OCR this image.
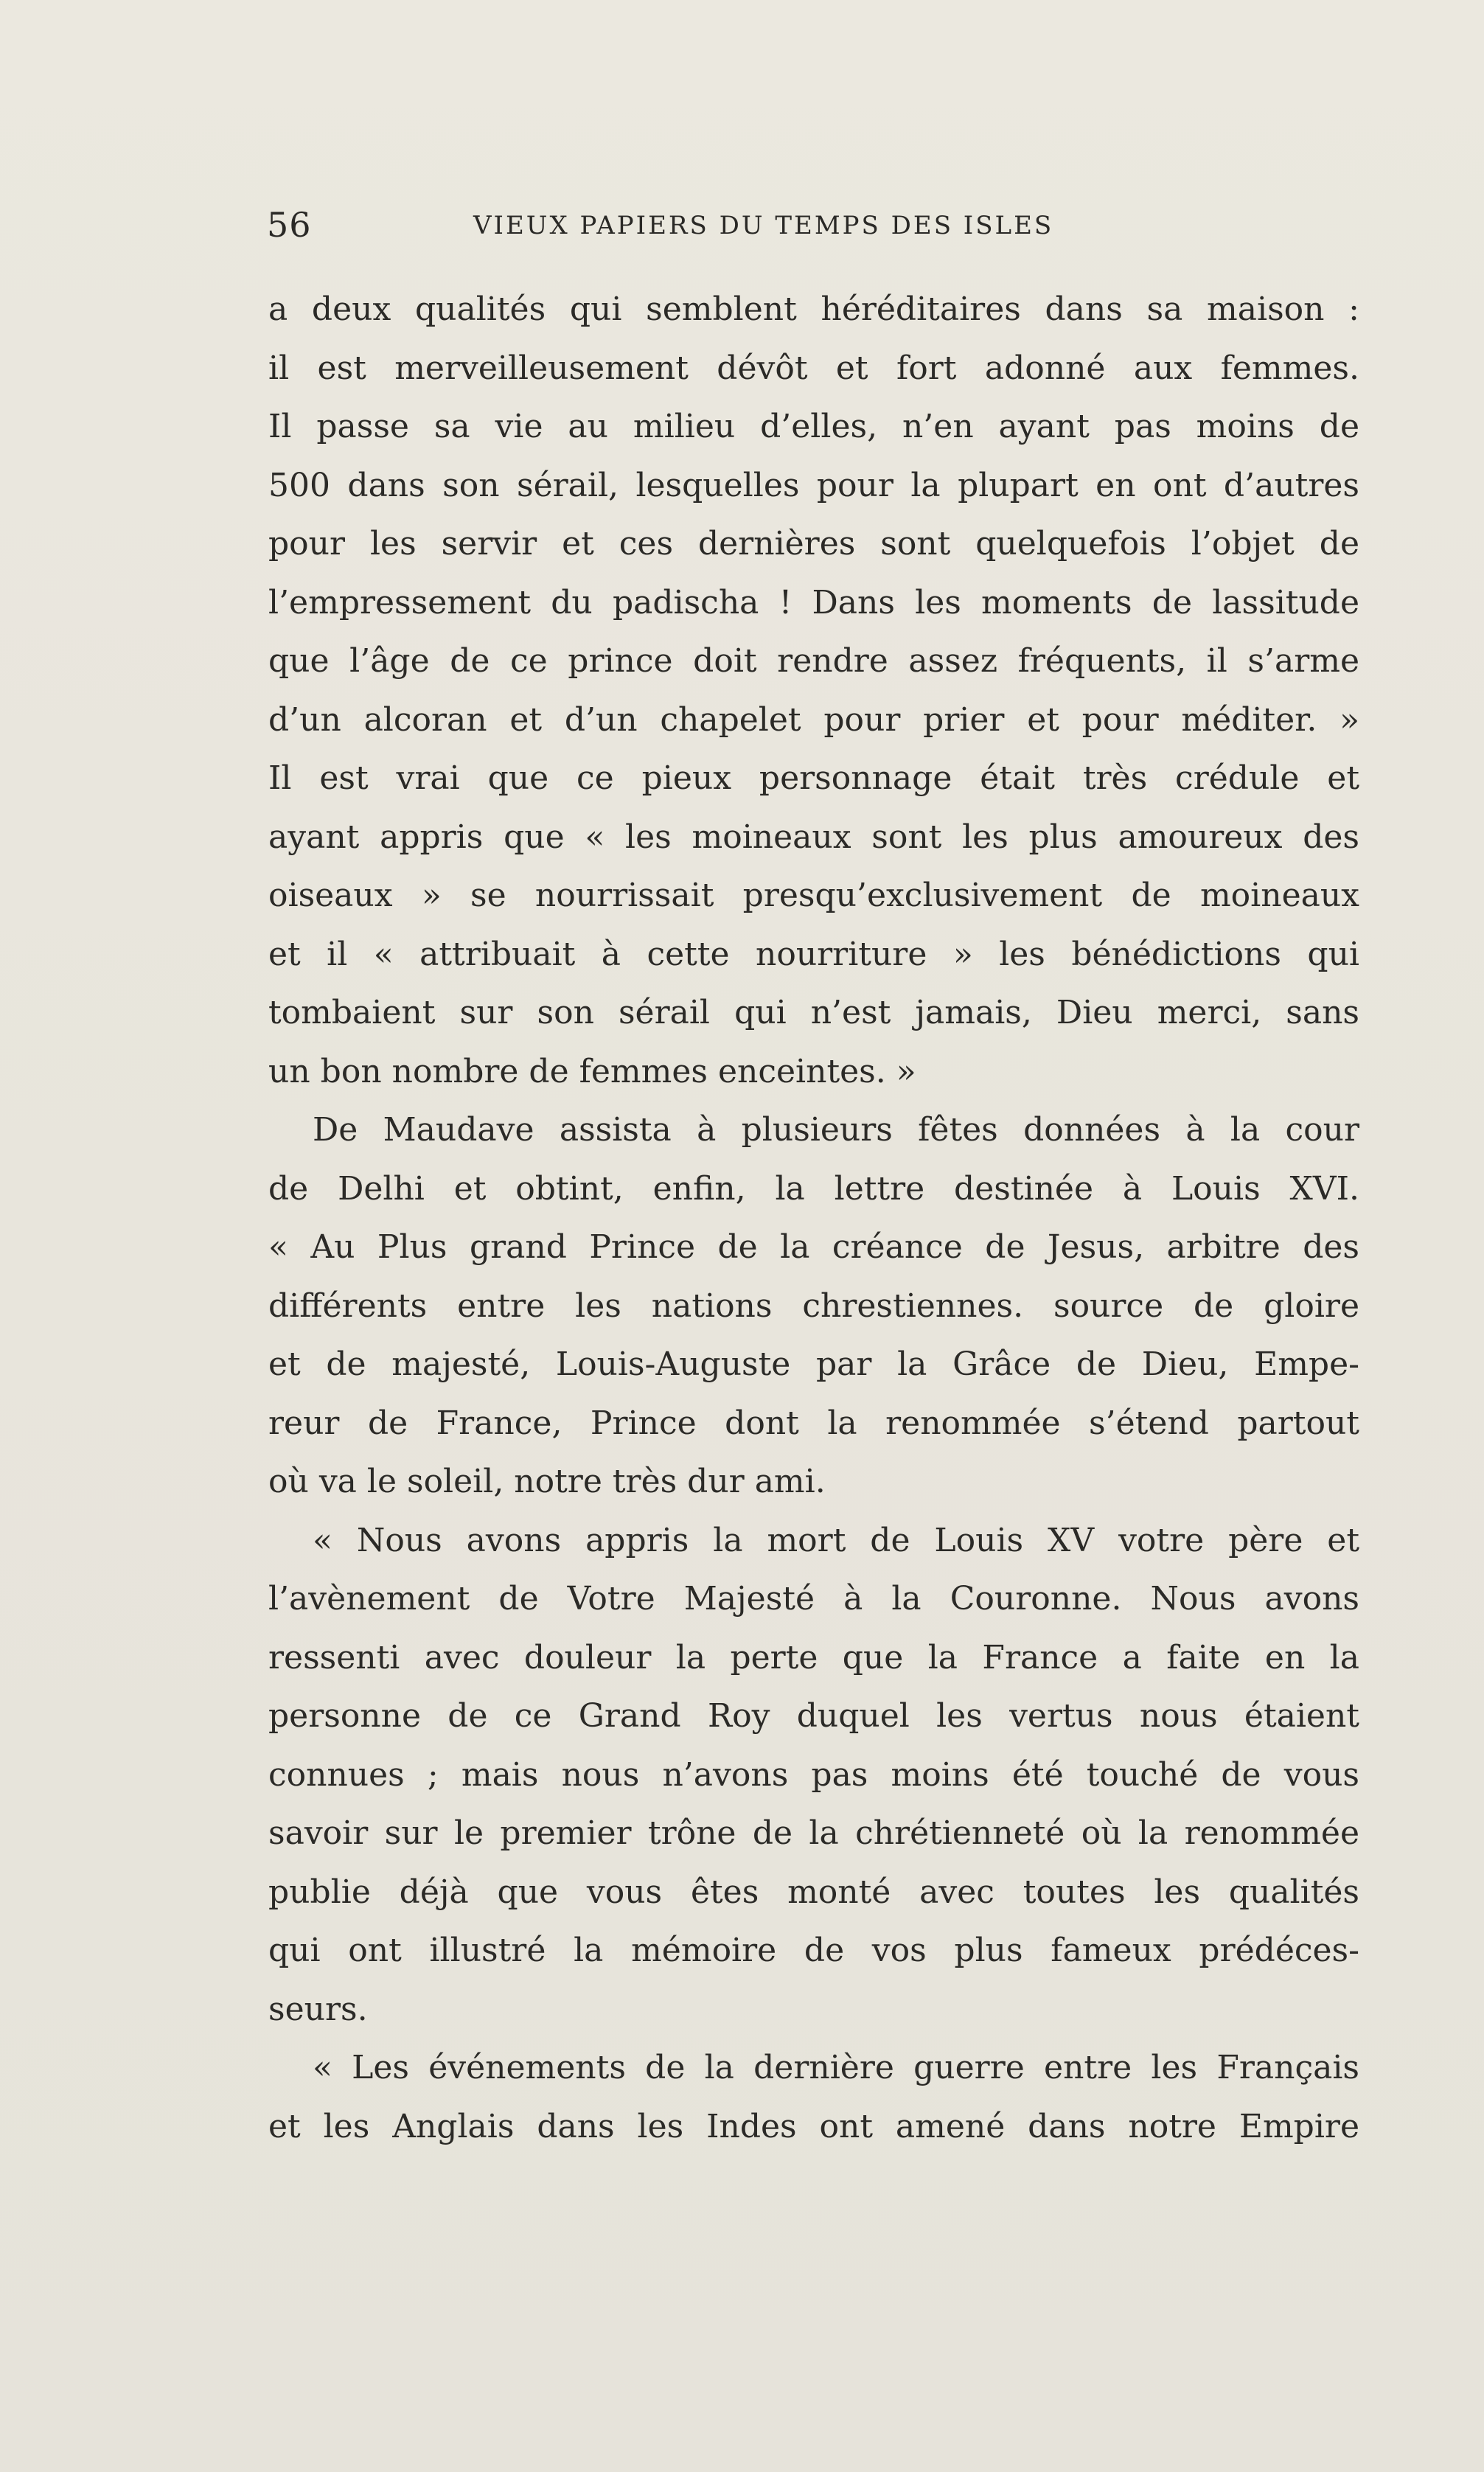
56	VIEUX PAPIERS DU TEMPS DES ISLES
a deux qualités qui semblent héréditaires dans sa maison :
il est merveilleusement dévôt et fort adonné aux femmes.
Il passe sa vie au milieu d’elles, n’en ayant pas moins de
500 dans son sérail, lesquelles pour la plupart en ont d’autres
pour les servir et ces dernières sont quelquefois l’objet de
l’empressement du padischa ! Dans les moments de lassitude
que l’âge de ce prince doit rendre assez fréquents, il s’arme
d’un alcoran et d’un chapelet pour prier et pour méditer. »
Il est vrai que ce pieux personnage était très crédule et
ayant appris que « les moineaux sont les plus amoureux des
oiseaux » se nourrissait presqu’exclusivement de moineaux
et il « attribuait à cette nourriture » les bénédictions qui
tombaient sur son sérail qui n’est jamais, Dieu merci, sans
un bon nombre de femmes enceintes. »
De Maudave assista à plusieurs fêtes données à la cour
de Delhi et obtint, enfin, la lettre destinée à Louis XVI.
« Au Plus grand Prince de la créance de Jesus, arbitre des
différents entre les nations chrestiennes. source de gloire
et de majesté, Louis-Auguste par la Grâce de Dieu, Empe-
reur de France, Prince dont la renommée s’étend partout
où va le soleil, notre très dur ami.
« Nous avons appris la mort de Louis XV votre père et
l’avènement de Votre Majesté à la Couronne. Nous avons
ressenti avec douleur la perte que la France a faite en la
personne de ce Grand Roy duquel les vertus nous étaient
connues ; mais nous n’avons pas moins été touché de vous
savoir sur le premier trône de la chrétienneté où la renommée
publie déjà que vous êtes monté avec toutes les qualités
qui ont illustré la mémoire de vos plus fameux prédéces-
seurs.
« Les événements de la dernière guerre entre les Français
et les Anglais dans les Indes ont amené dans notre Empire
